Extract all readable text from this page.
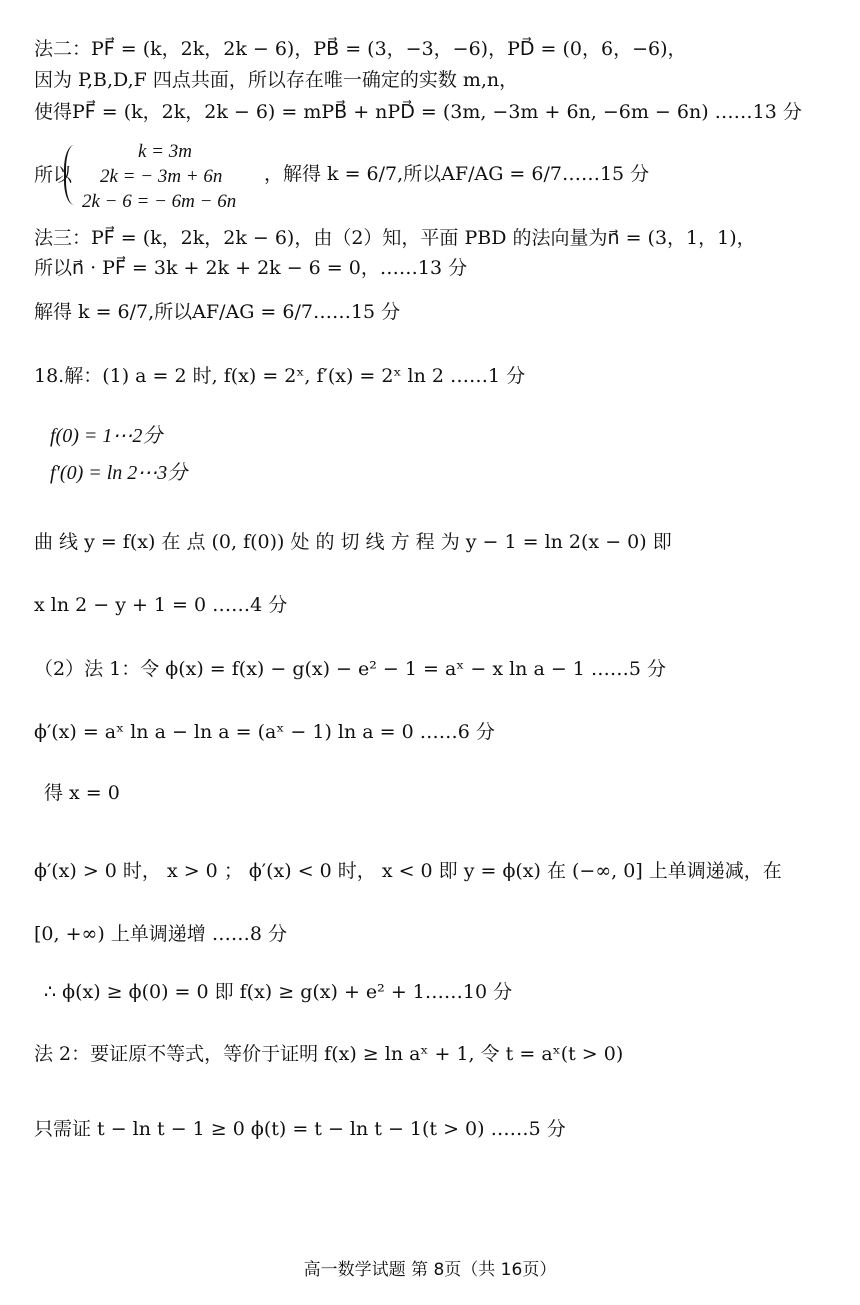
法二：PF⃗ = (k，2k，2k − 6)，PB⃗ = (3，−3，−6)，PD⃗ = (0，6，−6)，
因为 P,B,D,F 四点共面，所以存在唯一确定的实数 m,n，
使得PF⃗ = (k，2k，2k − 6) = mPB⃗ + nPD⃗ = (3m, −3m + 6n, −6m − 6n) ……13 分
所以
k = 3m
2k = − 3m + 6n
2k − 6 = − 6m − 6n
，解得 k = 6/7,所以AF/AG = 6/7……15 分
法三：PF⃗ = (k，2k，2k − 6)，由（2）知，平面 PBD 的法向量为n⃗ = (3，1，1)，
所以n⃗ · PF⃗ = 3k + 2k + 2k − 6 = 0，……13 分
解得 k = 6/7,所以AF/AG = 6/7……15 分
18.解：(1) a = 2 时, f(x) = 2ˣ, f′(x) = 2ˣ ln 2 ……1 分
f(0) = 1⋯2分
f′(0) = ln 2⋯3分
曲 线 y = f(x) 在 点 (0, f(0)) 处 的 切 线 方 程 为 y − 1 = ln 2(x − 0) 即
x ln 2 − y + 1 = 0 ……4 分
（2）法 1：令 ϕ(x) = f(x) − g(x) − e² − 1 = aˣ − x ln a − 1 ……5 分
ϕ′(x) = aˣ ln a − ln a = (aˣ − 1) ln a = 0 ……6 分
得 x = 0
ϕ′(x) > 0 时， x > 0 ； ϕ′(x) < 0 时， x < 0 即 y = ϕ(x) 在 (−∞, 0] 上单调递减，在
[0, +∞) 上单调递增 ……8 分
∴ ϕ(x) ≥ ϕ(0) = 0 即 f(x) ≥ g(x) + e² + 1……10 分
法 2：要证原不等式，等价于证明 f(x) ≥ ln aˣ + 1, 令 t = aˣ(t > 0)
只需证 t − ln t − 1 ≥ 0 ϕ(t) = t − ln t − 1(t > 0) ……5 分
高一数学试题 第 8页（共 16页）
